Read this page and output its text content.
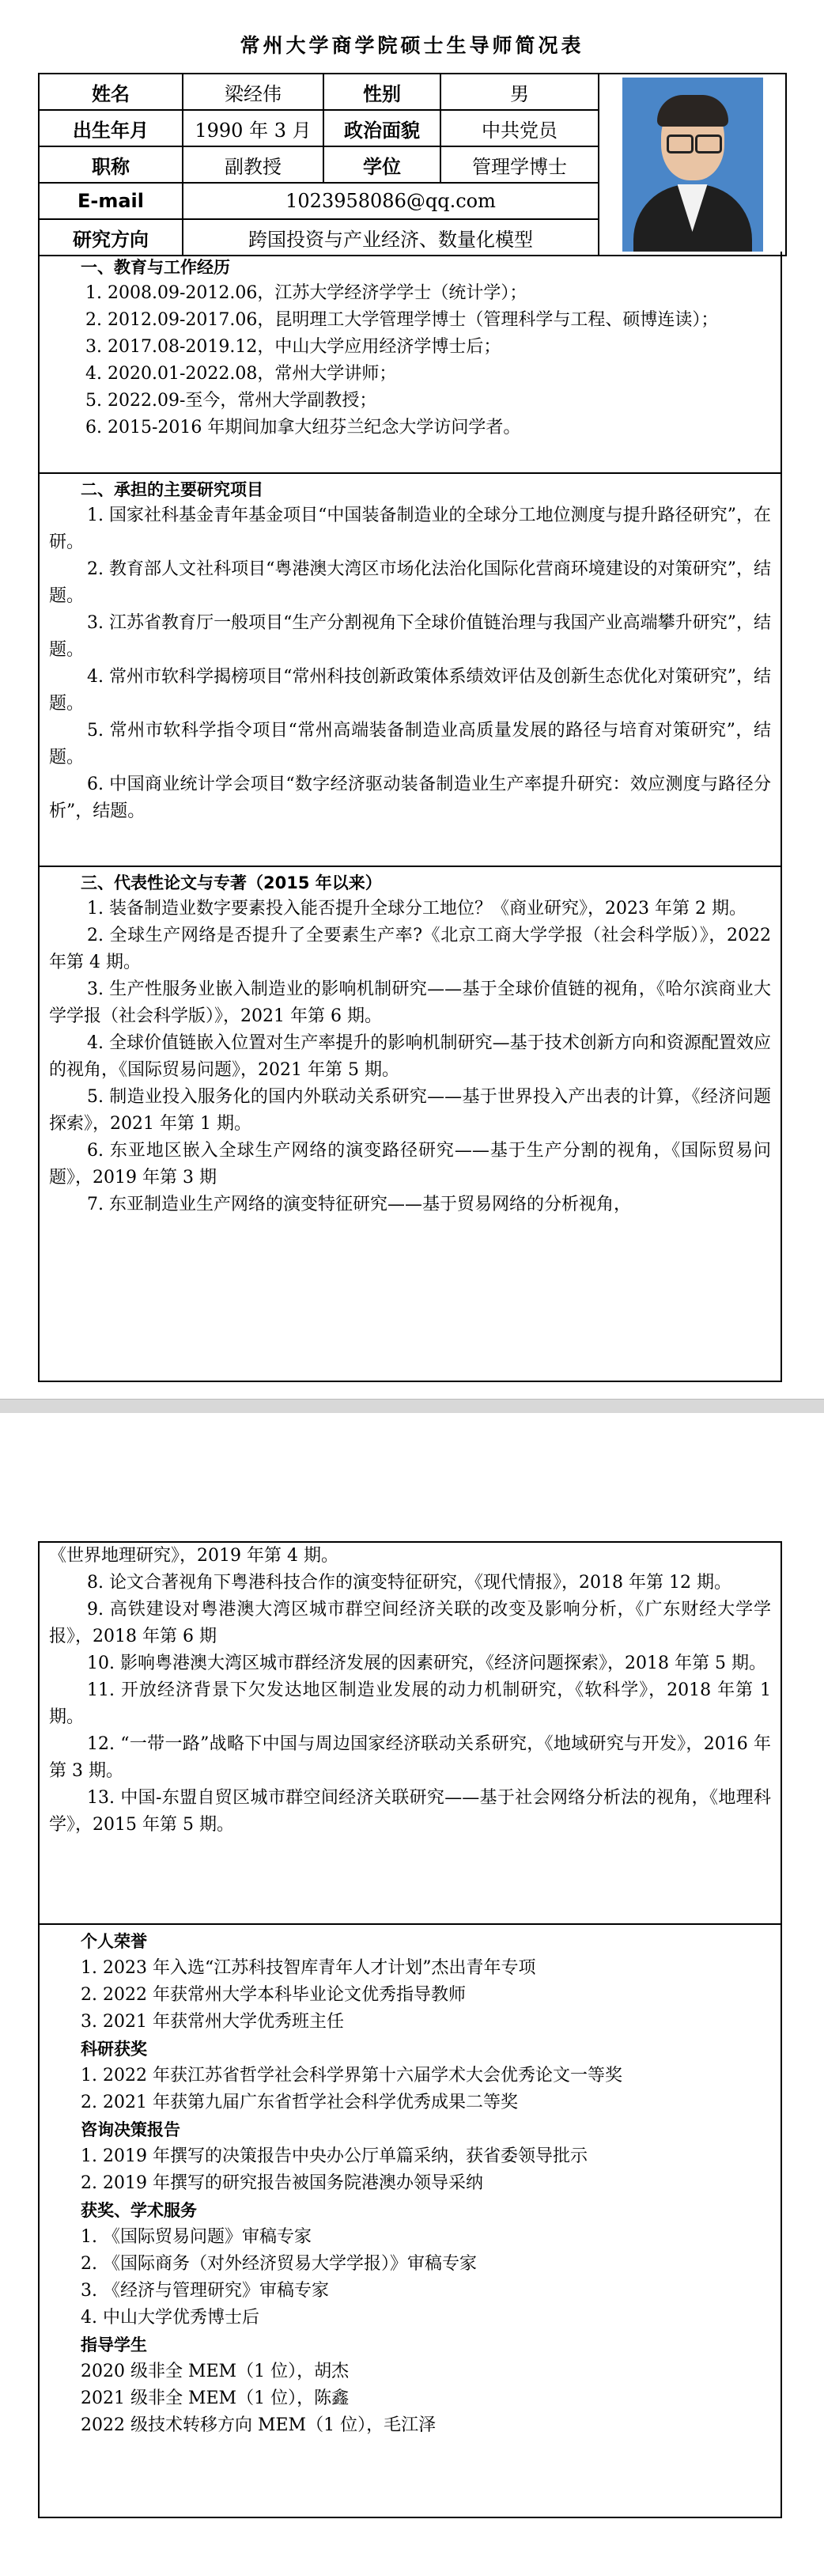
常州大学商学院硕士生导师简况表
姓名	梁经伟	性别	男	

出生年月	1990 年 3 月	政治面貌	中共党员	
职称	副教授	学位	管理学博士	
E-mail	1023958086@qq.com			
研究方向	跨国投资与产业经济、数量化模型			
一、教育与工作经历

1. 2008.09-2012.06，江苏大学经济学学士（统计学）；

2. 2012.09-2017.06，昆明理工大学管理学博士（管理科学与工程、硕博连读）；

3. 2017.08-2019.12，中山大学应用经济学博士后；

4. 2020.01-2022.08，常州大学讲师；

5. 2022.09-至今，常州大学副教授；

6. 2015-2016 年期间加拿大纽芬兰纪念大学访问学者。

二、承担的主要研究项目

1. 国家社科基金青年基金项目“中国装备制造业的全球分工地位测度与提升路径研究”，在研。

2. 教育部人文社科项目“粤港澳大湾区市场化法治化国际化营商环境建设的对策研究”，结题。

3. 江苏省教育厅一般项目“生产分割视角下全球价值链治理与我国产业高端攀升研究”，结题。

4. 常州市软科学揭榜项目“常州科技创新政策体系绩效评估及创新生态优化对策研究”，结题。

5. 常州市软科学指令项目“常州高端装备制造业高质量发展的路径与培育对策研究”，结题。

6. 中国商业统计学会项目“数字经济驱动装备制造业生产率提升研究：效应测度与路径分析”，结题。

三、代表性论文与专著（2015 年以来）

1. 装备制造业数字要素投入能否提升全球分工地位？《商业研究》，2023 年第 2 期。

2. 全球生产网络是否提升了全要素生产率?《北京工商大学学报（社会科学版）》，2022 年第 4 期。

3. 生产性服务业嵌入制造业的影响机制研究——基于全球价值链的视角，《哈尔滨商业大学学报（社会科学版）》，2021 年第 6 期。

4. 全球价值链嵌入位置对生产率提升的影响机制研究—基于技术创新方向和资源配置效应的视角，《国际贸易问题》，2021 年第 5 期。

5. 制造业投入服务化的国内外联动关系研究——基于世界投入产出表的计算，《经济问题探索》，2021 年第 1 期。

6. 东亚地区嵌入全球生产网络的演变路径研究——基于生产分割的视角，《国际贸易问题》，2019 年第 3 期

7. 东亚制造业生产网络的演变特征研究——基于贸易网络的分析视角，

《世界地理研究》，2019 年第 4 期。

8. 论文合著视角下粤港科技合作的演变特征研究，《现代情报》，2018 年第 12 期。

9. 高铁建设对粤港澳大湾区城市群空间经济关联的改变及影响分析，《广东财经大学学报》，2018 年第 6 期

10. 影响粤港澳大湾区城市群经济发展的因素研究，《经济问题探索》，2018 年第 5 期。

11. 开放经济背景下欠发达地区制造业发展的动力机制研究，《软科学》，2018 年第 1 期。

12. “一带一路”战略下中国与周边国家经济联动关系研究，《地域研究与开发》，2016 年第 3 期。

13. 中国-东盟自贸区城市群空间经济关联研究——基于社会网络分析法的视角，《地理科学》，2015 年第 5 期。

个人荣誉
1. 2023 年入选“江苏科技智库青年人才计划”杰出青年专项
2. 2022 年获常州大学本科毕业论文优秀指导教师
3. 2021 年获常州大学优秀班主任
科研获奖
1. 2022 年获江苏省哲学社会科学界第十六届学术大会优秀论文一等奖
2. 2021 年获第九届广东省哲学社会科学优秀成果二等奖
咨询决策报告
1. 2019 年撰写的决策报告中央办公厅单篇采纳，获省委领导批示
2. 2019 年撰写的研究报告被国务院港澳办领导采纳
获奖、学术服务
1. 《国际贸易问题》审稿专家
2. 《国际商务（对外经济贸易大学学报）》审稿专家
3. 《经济与管理研究》审稿专家
4. 中山大学优秀博士后
指导学生
2020 级非全 MEM（1 位），胡杰
2021 级非全 MEM（1 位），陈鑫
2022 级技术转移方向 MEM（1 位），毛江泽
